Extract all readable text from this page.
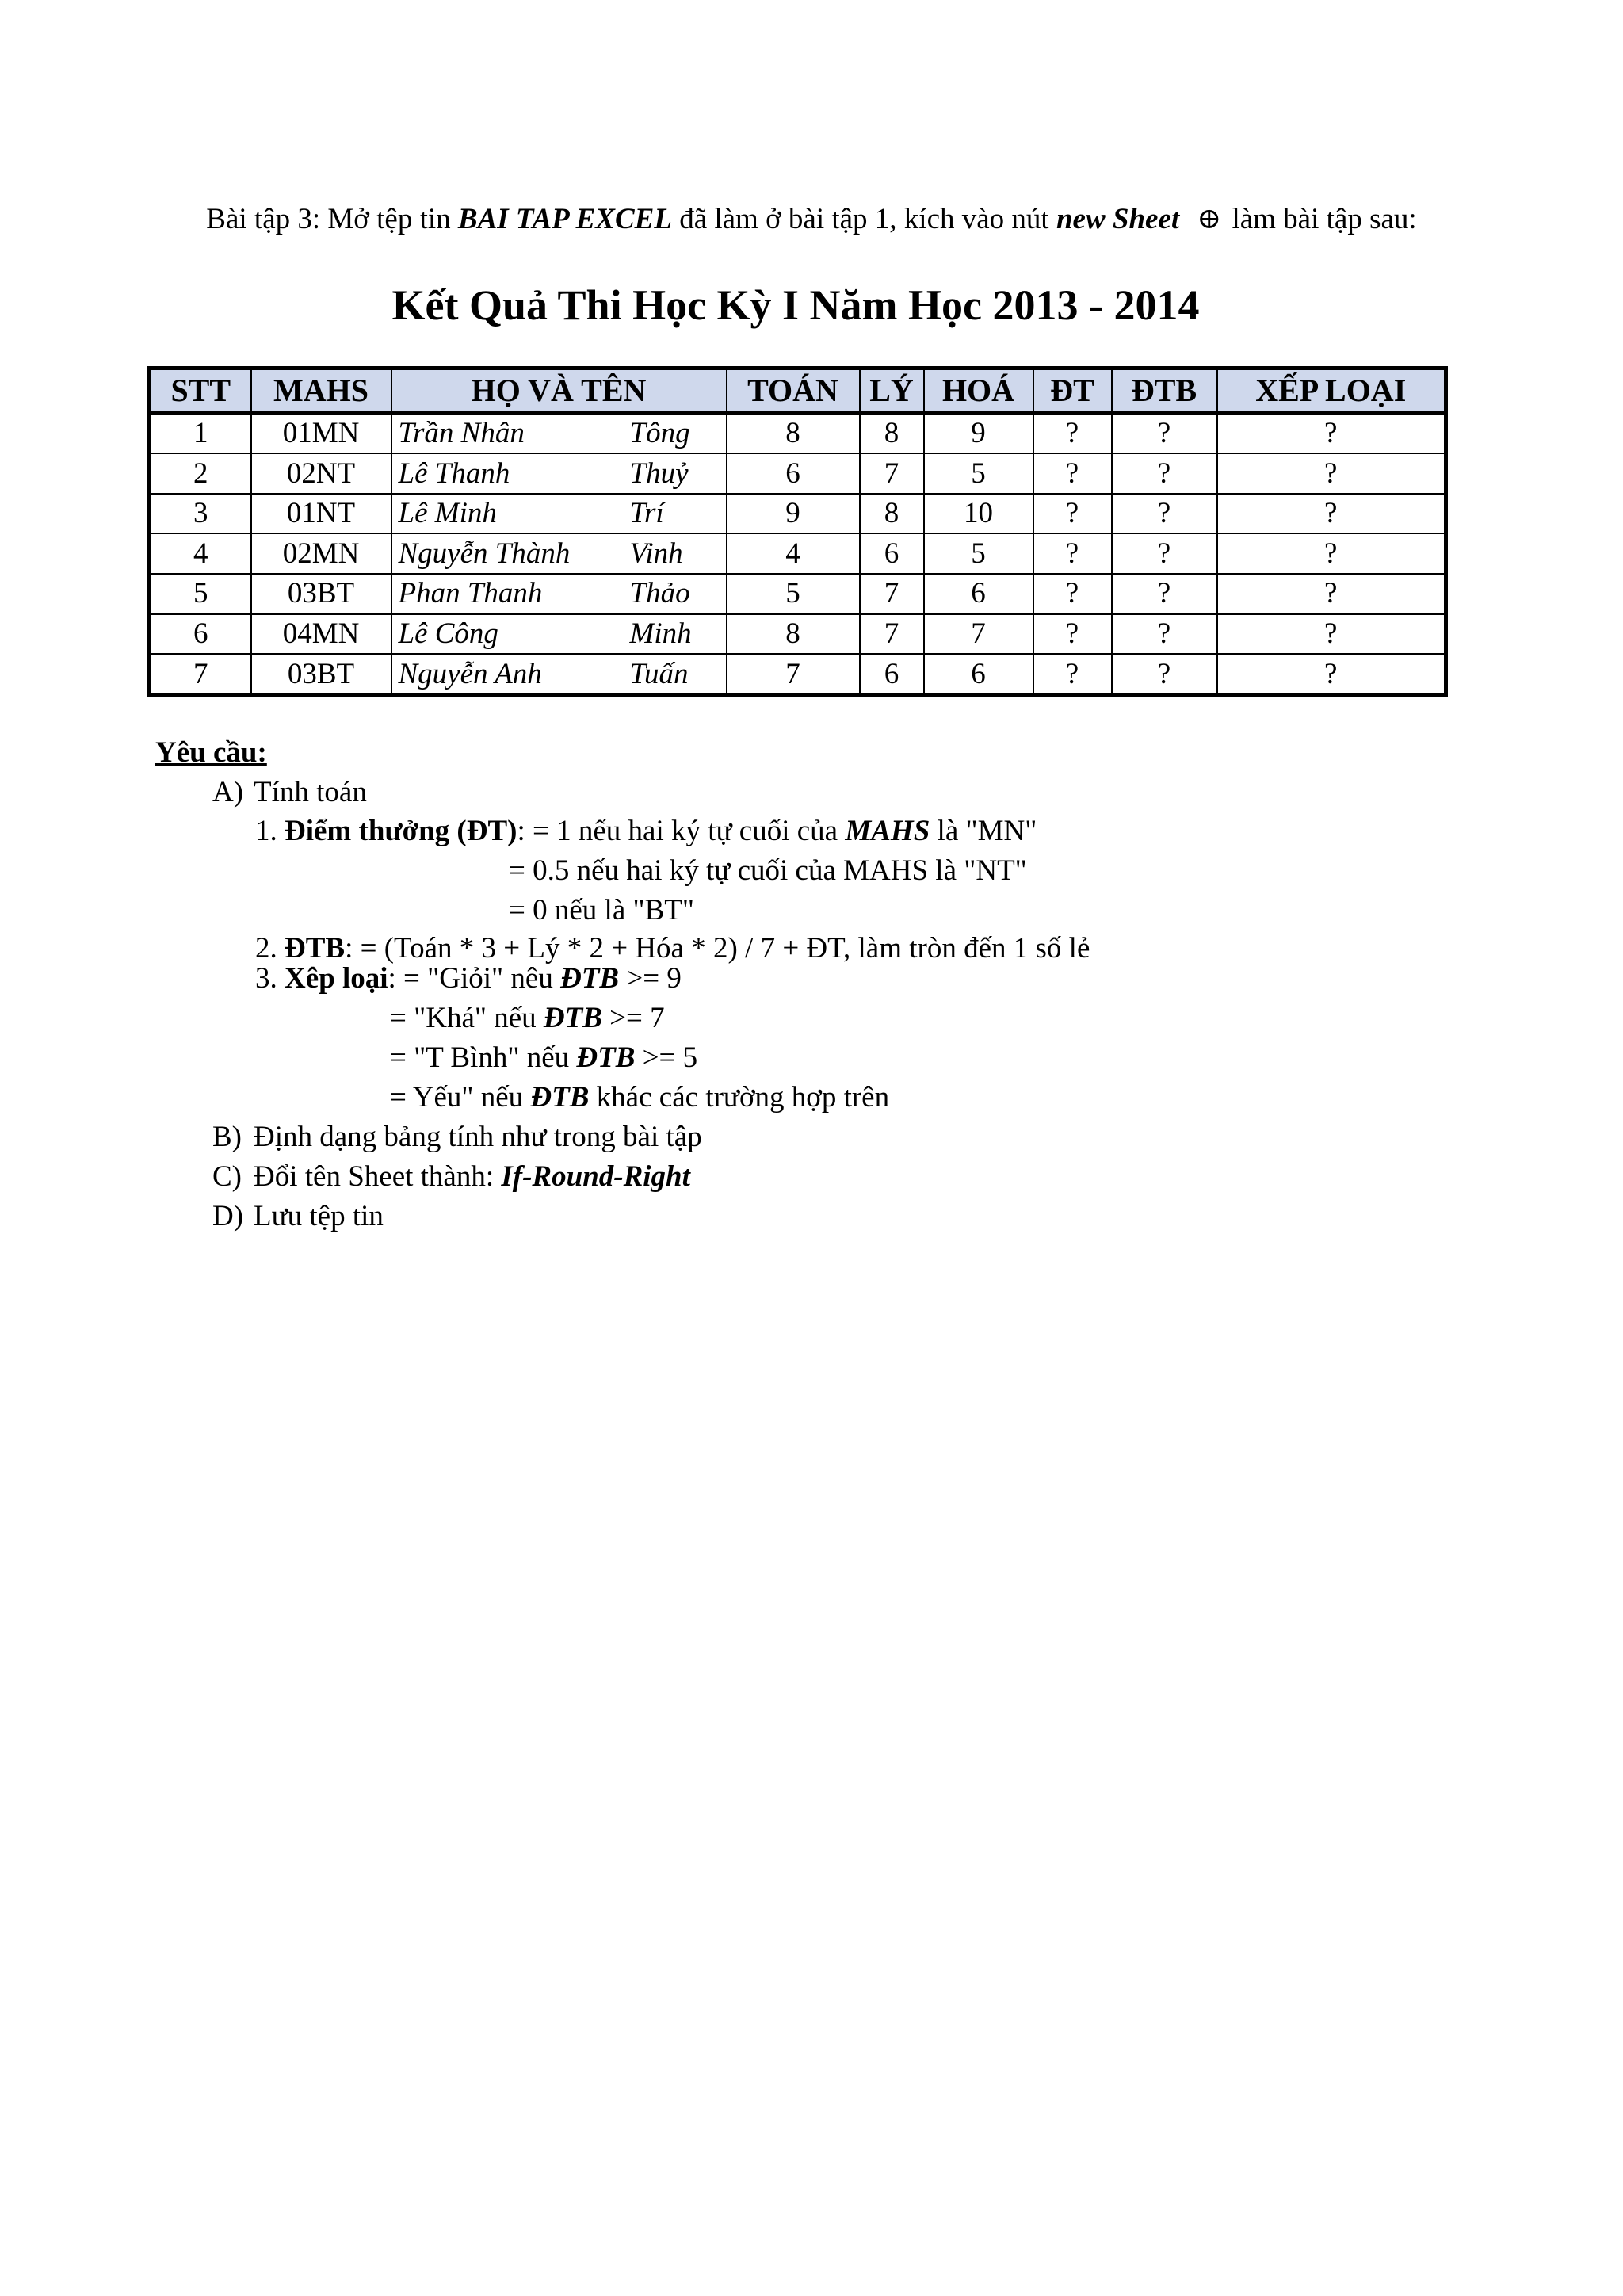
Bài tập 3: Mở tệp tin BAI TAP EXCEL đã làm ở bài tập 1, kích vào nút new Sheet ⊕ làm bài tập sau:
Kết Quả Thi Học Kỳ I Năm Học 2013 - 2014
STT	MAHS	HỌ VÀ TÊN	TOÁN	LÝ	HOÁ	ĐT	ĐTB	XẾP LOẠI
1	01MN	Trần Nhân Tông	8	8	9	?	?	?
2	02NT	Lê Thanh Thuỷ	6	7	5	?	?	?
3	01NT	Lê Minh Trí	9	8	10	?	?	?
4	02MN	Nguyễn Thành Vinh	4	6	5	?	?	?
5	03BT	Phan Thanh Thảo	5	7	6	?	?	?
6	04MN	Lê Công Minh	8	7	7	?	?	?
7	03BT	Nguyễn Anh Tuấn	7	6	6	?	?	?
Yêu cầu:
A) Tính toán
1. Điểm thưởng (ĐT): = 1 nếu hai ký tự cuối của MAHS là "MN"
= 0.5 nếu hai ký tự cuối của MAHS là "NT"
= 0 nếu là "BT"
2. ĐTB: = (Toán * 3 + Lý * 2 + Hóa * 2) / 7 + ĐT, làm tròn đến 1 số lẻ
3. Xêp loại: = "Giỏi" nêu ĐTB >= 9
= "Khá" nếu ĐTB >= 7
= "T Bình" nếu ĐTB >= 5
= Yếu" nếu ĐTB khác các trường hợp trên
B) Định dạng bảng tính như trong bài tập
C) Đổi tên Sheet thành: If-Round-Right
D) Lưu tệp tin
